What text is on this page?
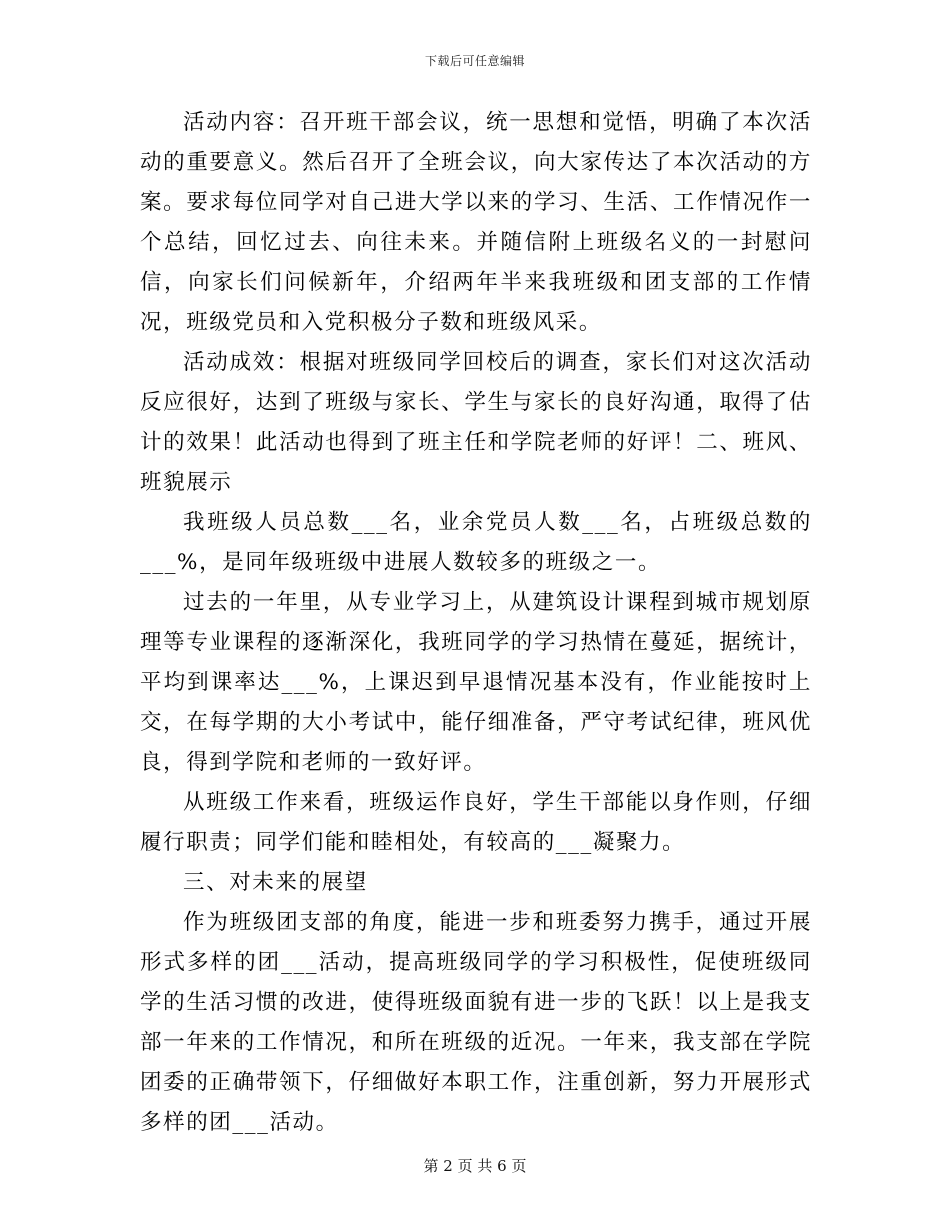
下载后可任意编辑

活动内容：召开班干部会议，统一思想和觉悟，明确了本次活动的重要意义。然后召开了全班会议，向大家传达了本次活动的方案。要求每位同学对自己进大学以来的学习、生活、工作情况作一个总结，回忆过去、向往未来。并随信附上班级名义的一封慰问信，向家长们问候新年，介绍两年半来我班级和团支部的工作情况，班级党员和入党积极分子数和班级风采。

活动成效：根据对班级同学回校后的调查，家长们对这次活动反应很好，达到了班级与家长、学生与家长的良好沟通，取得了估计的效果！此活动也得到了班主任和学院老师的好评！二、班风、班貌展示

我班级人员总数___名，业余党员人数___名，占班级总数的___%，是同年级班级中进展人数较多的班级之一。

过去的一年里，从专业学习上，从建筑设计课程到城市规划原理等专业课程的逐渐深化，我班同学的学习热情在蔓延，据统计，平均到课率达___%，上课迟到早退情况基本没有，作业能按时上交，在每学期的大小考试中，能仔细准备，严守考试纪律，班风优良，得到学院和老师的一致好评。

从班级工作来看，班级运作良好，学生干部能以身作则，仔细履行职责；同学们能和睦相处，有较高的___凝聚力。

三、对未来的展望

作为班级团支部的角度，能进一步和班委努力携手，通过开展形式多样的团___活动，提高班级同学的学习积极性，促使班级同学的生活习惯的改进，使得班级面貌有进一步的飞跃！以上是我支部一年来的工作情况，和所在班级的近况。一年来，我支部在学院团委的正确带领下，仔细做好本职工作，注重创新，努力开展形式多样的团___活动。

第 2 页 共 6 页
